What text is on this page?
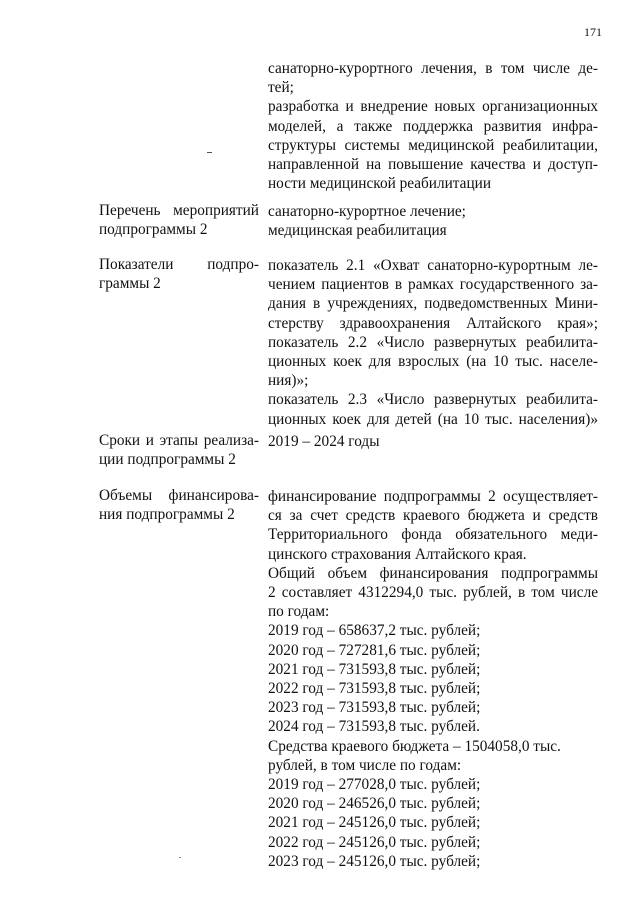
171
санаторно-курортного лечения, в том числе де-
тей;
разработка и внедрение новых организационных
моделей, а также поддержка развития инфра-
структуры системы медицинской реабилитации,
направленной на повышение качества и доступ-
ности медицинской реабилитации
Перечень мероприятий
подпрограммы 2
санаторно-курортное лечение;
медицинская реабилитация
Показатели подпро-
граммы 2
показатель 2.1 «Охват санаторно-курортным ле-
чением пациентов в рамках государственного за-
дания в учреждениях, подведомственных Мини-
стерству здравоохранения Алтайского края»;
показатель 2.2 «Число развернутых реабилита-
ционных коек для взрослых (на 10 тыс. населе-
ния)»;
показатель 2.3 «Число развернутых реабилита-
ционных коек для детей (на 10 тыс. населения)»
Сроки и этапы реализа-
ции подпрограммы 2
2019 – 2024 годы
Объемы финансирова-
ния подпрограммы 2
финансирование подпрограммы 2 осуществляет-
ся за счет средств краевого бюджета и средств
Территориального фонда обязательного меди-
цинского страхования Алтайского края.
Общий объем финансирования подпрограммы
2 составляет 4312294,0 тыс. рублей, в том числе
по годам:
2019 год – 658637,2 тыс. рублей;
2020 год – 727281,6 тыс. рублей;
2021 год – 731593,8 тыс. рублей;
2022 год – 731593,8 тыс. рублей;
2023 год – 731593,8 тыс. рублей;
2024 год – 731593,8 тыс. рублей.
Средства краевого бюджета – 1504058,0 тыс.
рублей, в том числе по годам:
2019 год – 277028,0 тыс. рублей;
2020 год – 246526,0 тыс. рублей;
2021 год – 245126,0 тыс. рублей;
2022 год – 245126,0 тыс. рублей;
2023 год – 245126,0 тыс. рублей;
